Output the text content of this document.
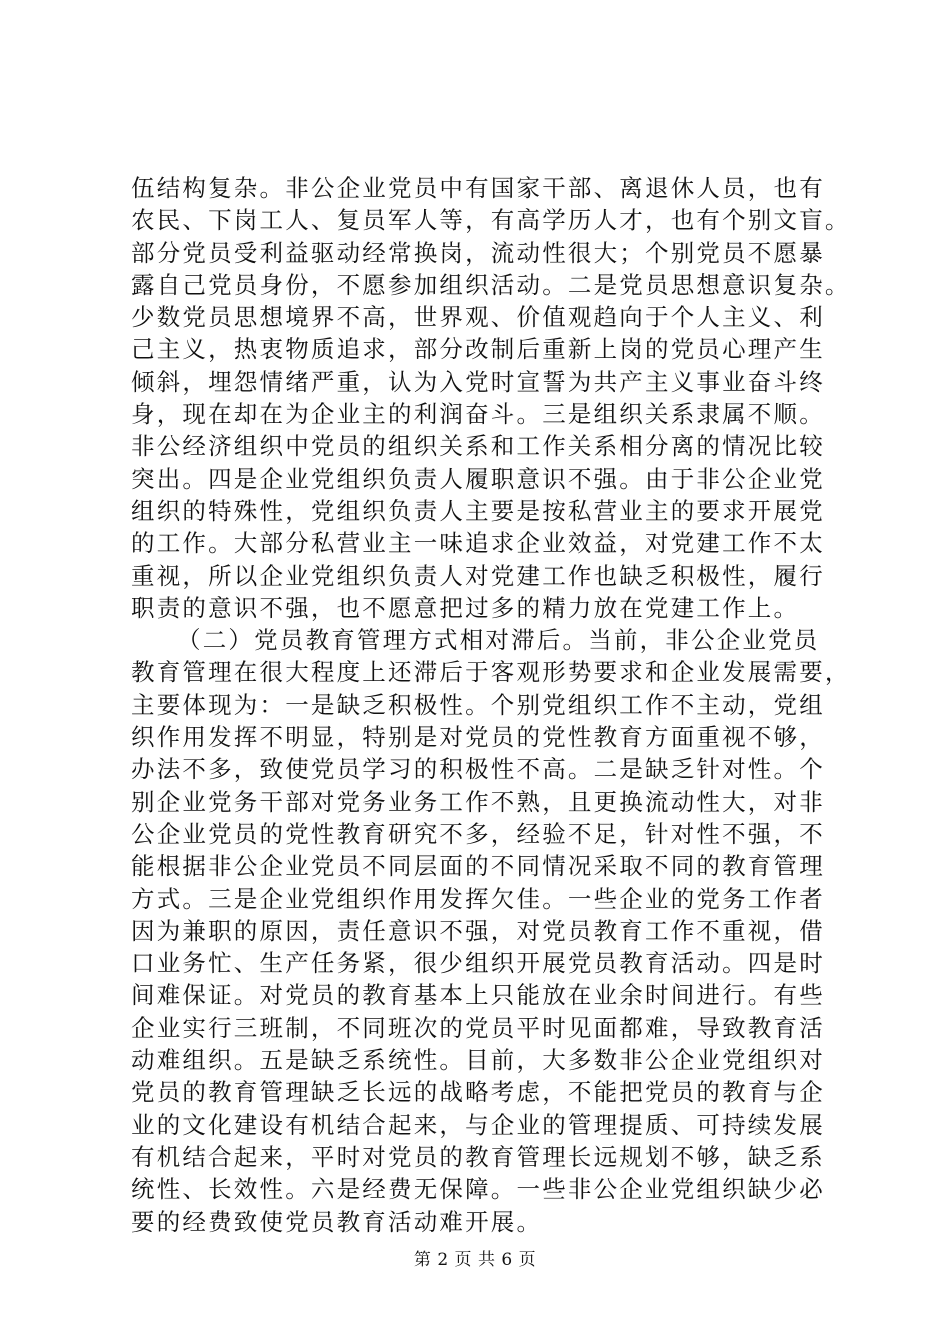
伍结构复杂。非公企业党员中有国家干部、离退休人员，也有
农民、下岗工人、复员军人等，有高学历人才，也有个别文盲。
部分党员受利益驱动经常换岗，流动性很大；个别党员不愿暴
露自己党员身份，不愿参加组织活动。二是党员思想意识复杂。
少数党员思想境界不高，世界观、价值观趋向于个人主义、利
己主义，热衷物质追求，部分改制后重新上岗的党员心理产生
倾斜，埋怨情绪严重，认为入党时宣誓为共产主义事业奋斗终
身，现在却在为企业主的利润奋斗。三是组织关系隶属不顺。
非公经济组织中党员的组织关系和工作关系相分离的情况比较
突出。四是企业党组织负责人履职意识不强。由于非公企业党
组织的特殊性，党组织负责人主要是按私营业主的要求开展党
的工作。大部分私营业主一味追求企业效益，对党建工作不太
重视，所以企业党组织负责人对党建工作也缺乏积极性，履行
职责的意识不强，也不愿意把过多的精力放在党建工作上。
（二）党员教育管理方式相对滞后。当前，非公企业党员
教育管理在很大程度上还滞后于客观形势要求和企业发展需要，
主要体现为：一是缺乏积极性。个别党组织工作不主动，党组
织作用发挥不明显，特别是对党员的党性教育方面重视不够，
办法不多，致使党员学习的积极性不高。二是缺乏针对性。个
别企业党务干部对党务业务工作不熟，且更换流动性大，对非
公企业党员的党性教育研究不多，经验不足，针对性不强，不
能根据非公企业党员不同层面的不同情况采取不同的教育管理
方式。三是企业党组织作用发挥欠佳。一些企业的党务工作者
因为兼职的原因，责任意识不强，对党员教育工作不重视，借
口业务忙、生产任务紧，很少组织开展党员教育活动。四是时
间难保证。对党员的教育基本上只能放在业余时间进行。有些
企业实行三班制，不同班次的党员平时见面都难，导致教育活
动难组织。五是缺乏系统性。目前，大多数非公企业党组织对
党员的教育管理缺乏长远的战略考虑，不能把党员的教育与企
业的文化建设有机结合起来，与企业的管理提质、可持续发展
有机结合起来，平时对党员的教育管理长远规划不够，缺乏系
统性、长效性。六是经费无保障。一些非公企业党组织缺少必
要的经费致使党员教育活动难开展。
第 2 页 共 6 页
